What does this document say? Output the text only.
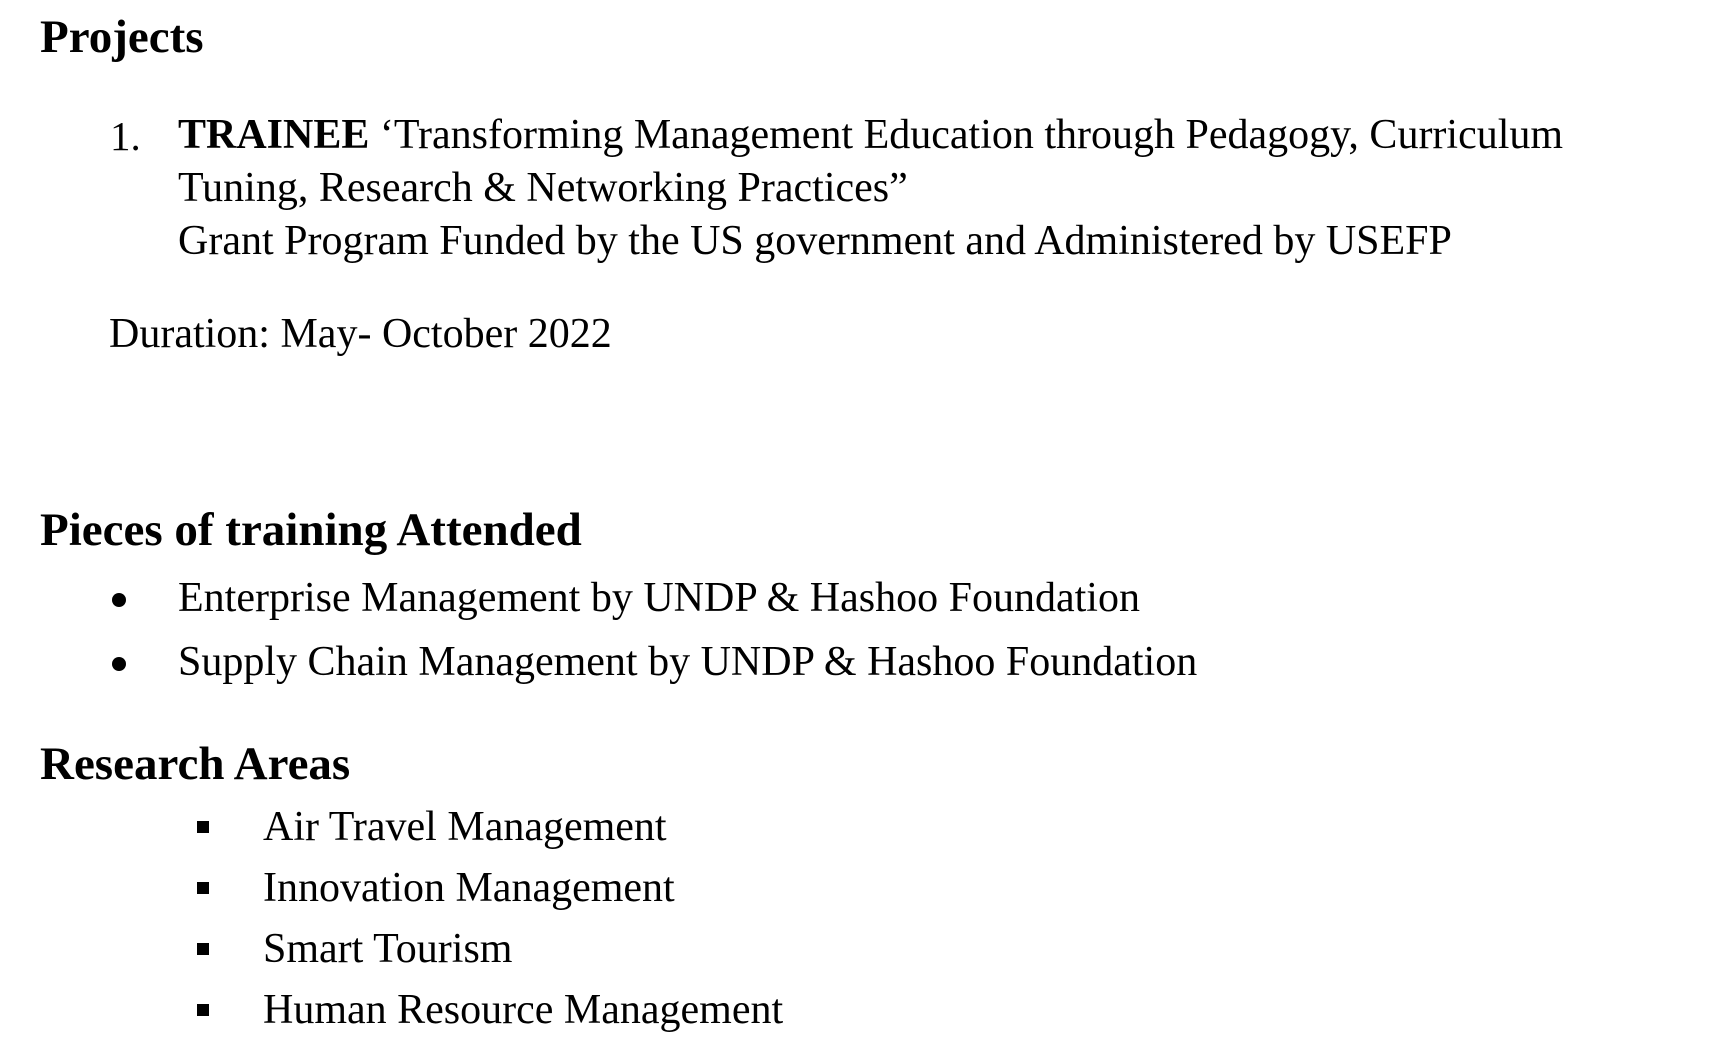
Projects
1. TRAINEE ‘Transforming Management Education through Pedagogy, Curriculum
Tuning, Research & Networking Practices”
Grant Program Funded by the US government and Administered by USEFP
Duration: May- October 2022
Pieces of training Attended
Enterprise Management by UNDP & Hashoo Foundation
Supply Chain Management by UNDP & Hashoo Foundation
Research Areas
Air Travel Management
Innovation Management
Smart Tourism
Human Resource Management
